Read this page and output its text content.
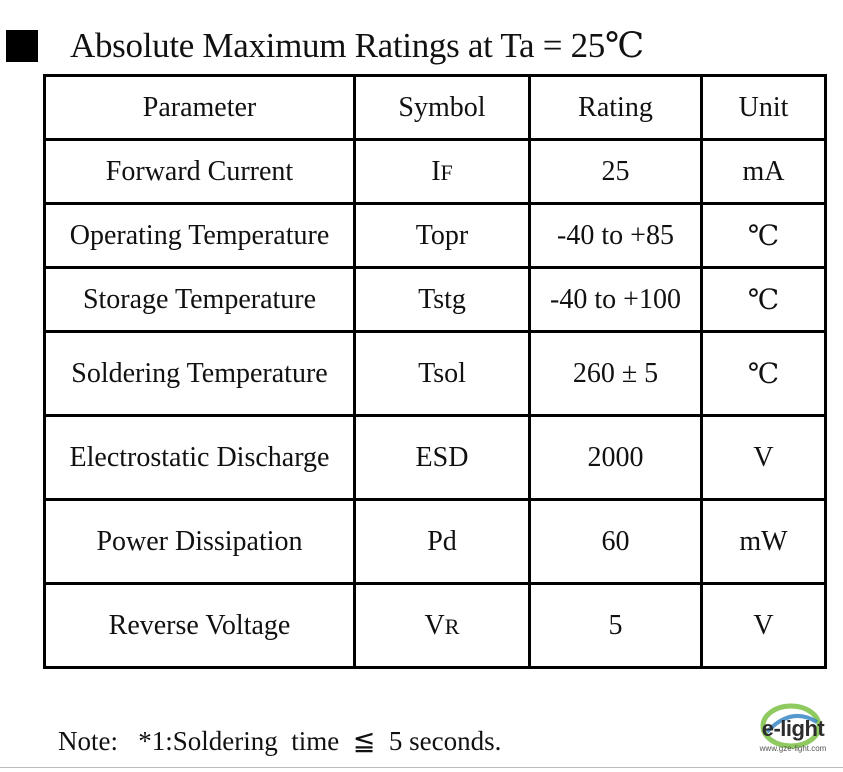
Absolute Maximum Ratings at Ta = 25℃
Parameter	Symbol	Rating	Unit
Forward Current	IF	25	mA
Operating Temperature	Topr	-40 to +85	℃
Storage Temperature	Tstg	-40 to +100	℃
Soldering Temperature	Tsol	260 ± 5	℃
Electrostatic Discharge	ESD	2000	V
Power Dissipation	Pd	60	mW
Reverse Voltage	VR	5	V
Note:   *1:Soldering  time  ≦  5 seconds.	e-light
www.gze-light.com
